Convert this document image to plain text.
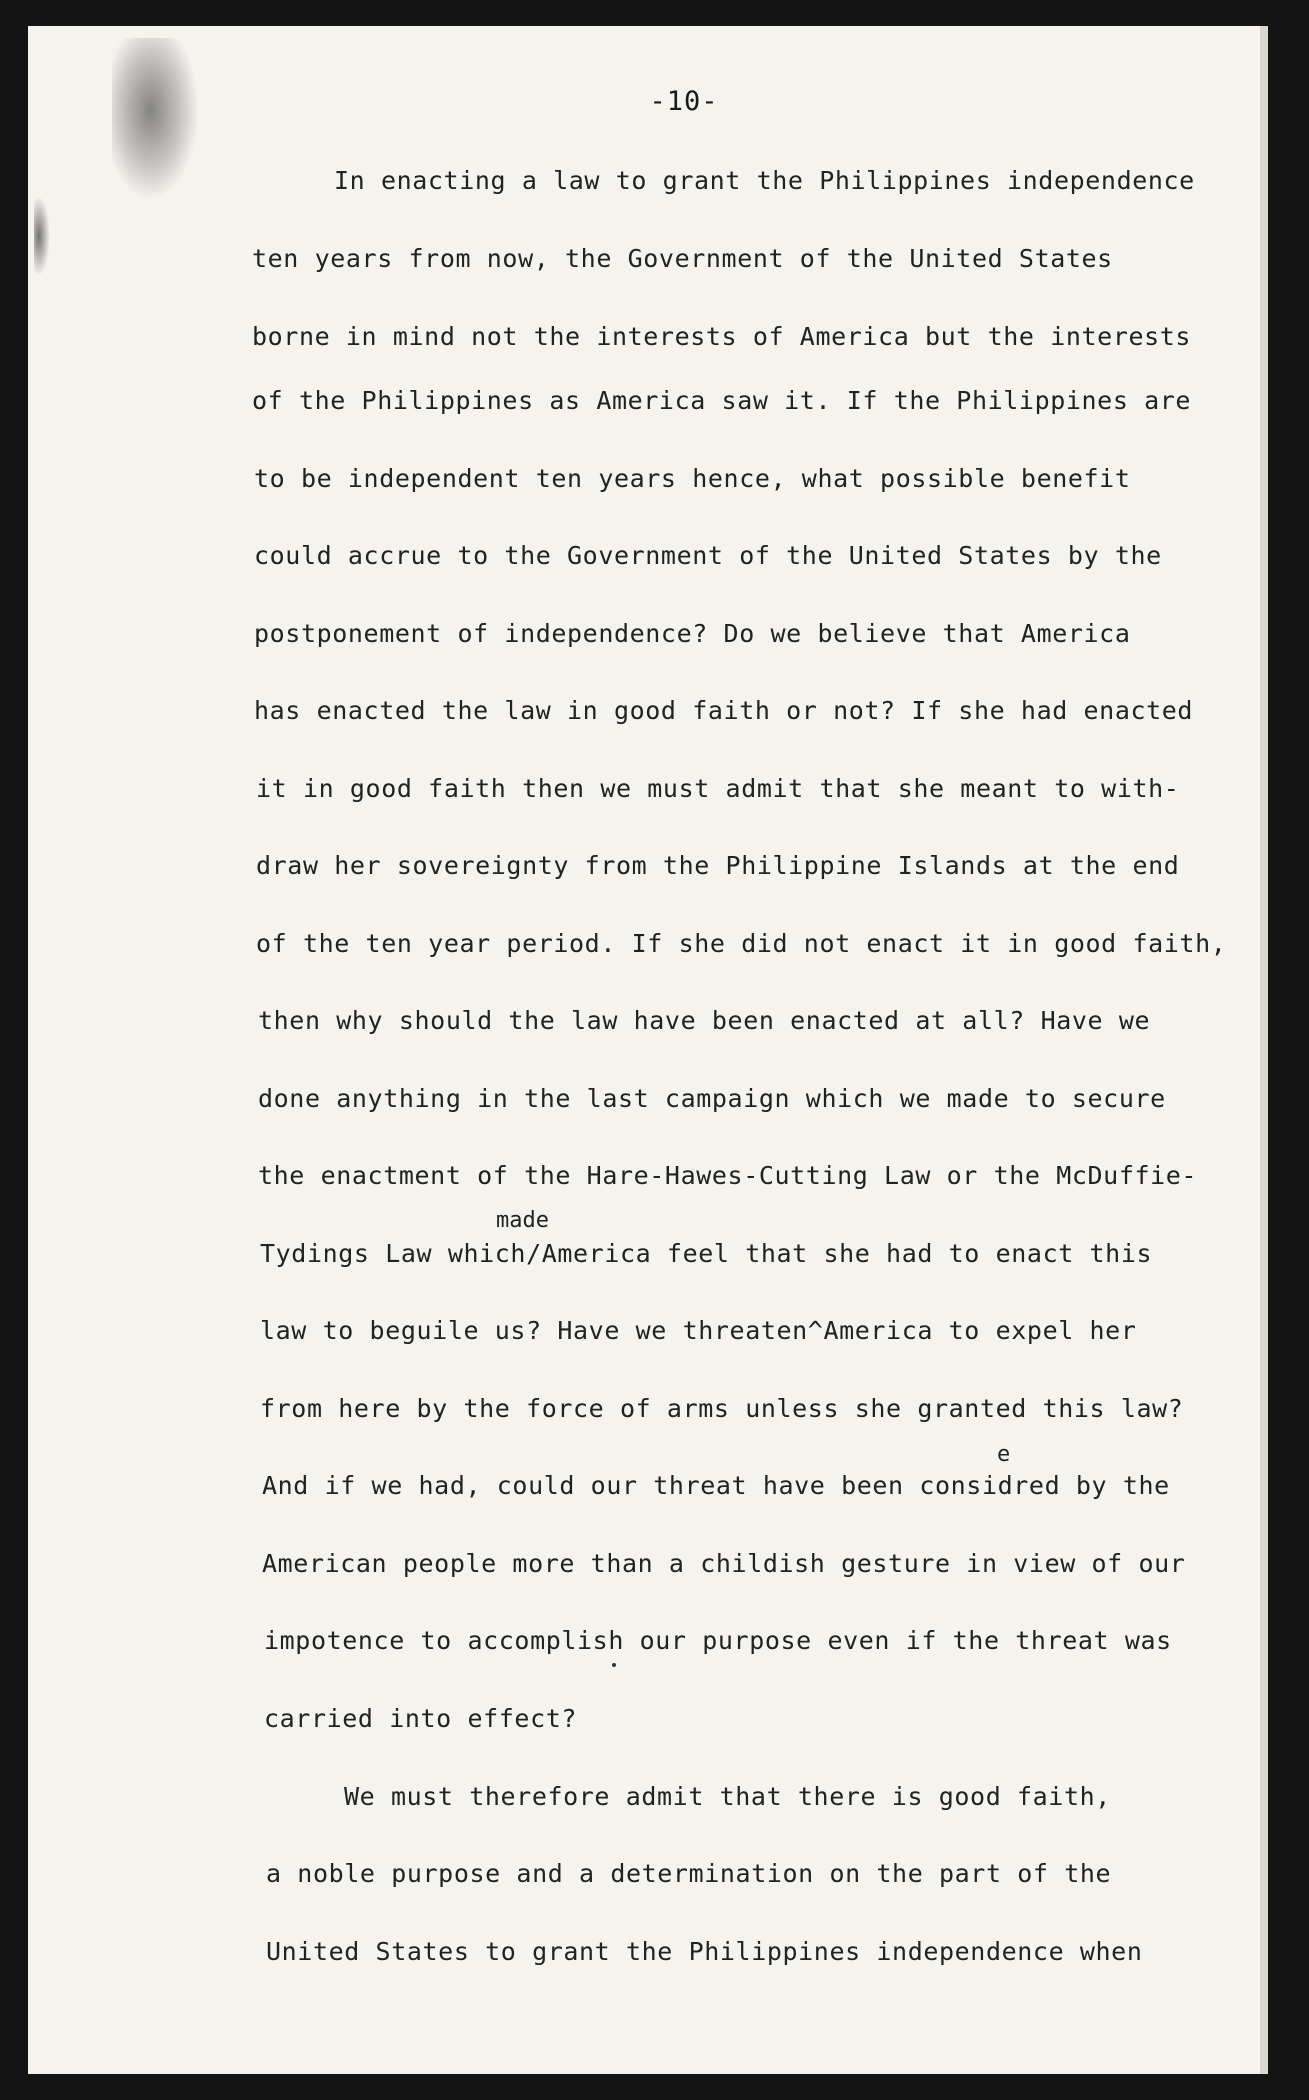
-10-
In enacting a law to grant the Philippines independence
ten years from now, the Government of the United States
borne in mind not the interests of America but the interests
of the Philippines as America saw it. If the Philippines are
to be independent ten years hence, what possible benefit
could accrue to the Government of the United States by the
postponement of independence? Do we believe that America
has enacted the law in good faith or not? If she had enacted
it in good faith then we must admit that she meant to with-
draw her sovereignty from the Philippine Islands at the end
of the ten year period. If she did not enact it in good faith,
then why should the law have been enacted at all? Have we
done anything in the last campaign which we made to secure
the enactment of the Hare-Hawes-Cutting Law or the McDuffie-
made
Tydings Law which/America feel that she had to enact this
law to beguile us? Have we threaten^America to expel her
from here by the force of arms unless she granted this law?
e
And if we had, could our threat have been considred by the
American people more than a childish gesture in view of our
impotence to accomplish our purpose even if the threat was
carried into effect?
We must therefore admit that there is good faith,
a noble purpose and a determination on the part of the
United States to grant the Philippines independence when
